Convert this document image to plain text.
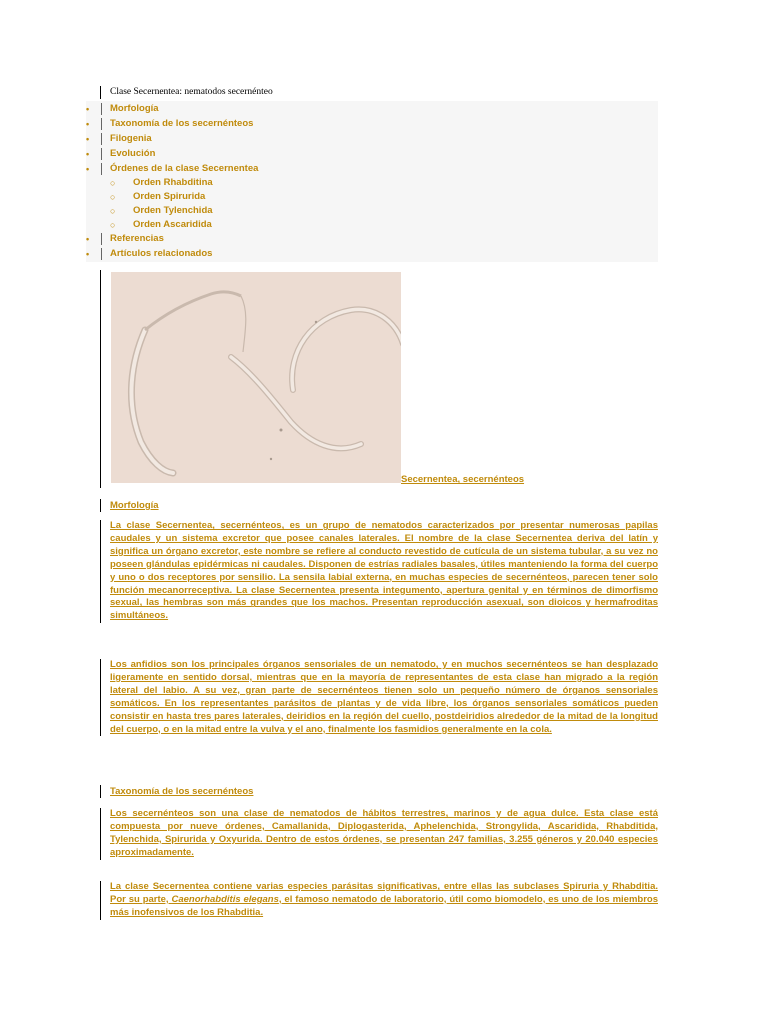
Clase Secernentea: nematodos secernénteo
•	Morfología
•	Taxonomía de los secernénteos
•	Filogenia
•	Evolución
•	Órdenes de la clase Secernentea
○	Orden Rhabditina
○	Orden Spirurida
○	Orden Tylenchida
○	Orden Ascaridida
•	Referencias
•	Artículos relacionados
Secernentea, secernénteos
Morfología
La clase Secernentea, secernénteos, es un grupo de nematodos caracterizados por presentar numerosas papilas caudales y un sistema excretor que posee canales laterales. El nombre de la clase Secernentea deriva del latín y significa un órgano excretor, este nombre se refiere al conducto revestido de cutícula de un sistema tubular, a su vez no poseen glándulas epidérmicas ni caudales. Disponen de estrías radiales basales, útiles manteniendo la forma del cuerpo y uno o dos receptores por sensilio. La sensila labial externa, en muchas especies de secernénteos, parecen tener solo función mecanorreceptiva. La clase Secernentea presenta integumento, apertura genital y en términos de dimorfismo sexual, las hembras son más grandes que los machos. Presentan reproducción asexual, son dioicos y hermafroditas simultáneos.
Los anfidios son los principales órganos sensoriales de un nematodo, y en muchos secernénteos se han desplazado ligeramente en sentido dorsal, mientras que en la mayoría de representantes de esta clase han migrado a la región lateral del labio. A su vez, gran parte de secernénteos tienen solo un pequeño número de órganos sensoriales somáticos. En los representantes parásitos de plantas y de vida libre, los órganos sensoriales somáticos pueden consistir en hasta tres pares laterales, deiridios en la región del cuello, postdeiridios alrededor de la mitad de la longitud del cuerpo, o en la mitad entre la vulva y el ano, finalmente los fasmidios generalmente en la cola.
Taxonomía de los secernénteos
Los secernénteos son una clase de nematodos de hábitos terrestres, marinos y de agua dulce. Esta clase está compuesta por nueve órdenes, Camallanida, Diplogasterida, Aphelenchida, Strongylida, Ascaridida, Rhabditida, Tylenchida, Spirurida y Oxyurida. Dentro de estos órdenes, se presentan 247 familias, 3.255 géneros y 20.040 especies aproximadamente.
La clase Secernentea contiene varias especies parásitas significativas, entre ellas las subclases Spiruria y Rhabditia. Por su parte, Caenorhabditis elegans, el famoso nematodo de laboratorio, útil como biomodelo, es uno de los miembros más inofensivos de los Rhabditia.
